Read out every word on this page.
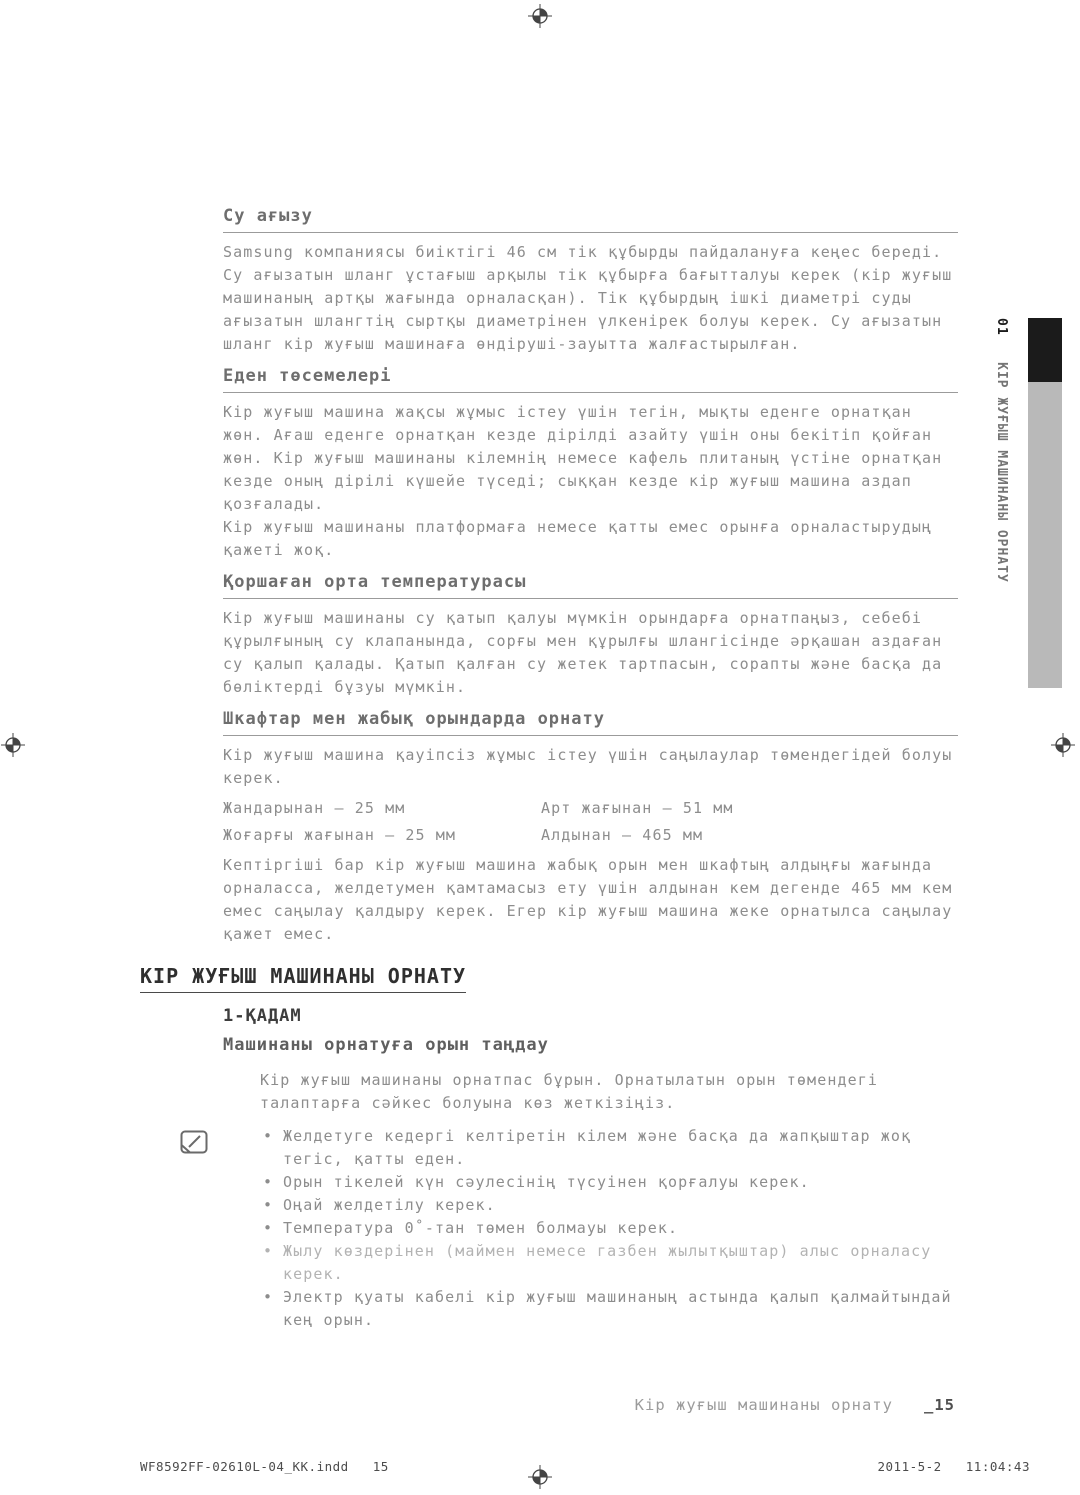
01   КІР ЖУҒЫШ МАШИНАНЫ ОРНАТУ
Су ағызу

Samsung компаниясы биіктігі 46 см тік құбырды пайдалануға кеңес береді. Су ағызатын шланг ұстағыш арқылы тік құбырға бағытталуы керек (кір жуғыш машинаның артқы жағында орналасқан). Тік құбырдың ішкі диаметрі суды ағызатын шлангтің сыртқы диаметрінен үлкенірек болуы керек. Су ағызатын шланг кір жуғыш машинаға өндіруші-зауытта жалғастырылған.

Еден төсемелері

Кір жуғыш машина жақсы жұмыс істеу үшін тегін, мықты еденге орнатқан жөн. Ағаш еденге орнатқан кезде дірілді азайту үшін оны бекітіп қойған жөн. Кір жуғыш машинаны кілемнің немесе кафель плитаның үстіне орнатқан кезде оның дірілі күшейе түседі; сыққан кезде кір жуғыш машина аздап қозғалады.

Кір жуғыш машинаны платформаға немесе қатты емес орынға орналастырудың қажеті жоқ.

Қоршаған орта температурасы

Кір жуғыш машинаны су қатып қалуы мүмкін орындарға орнатпаңыз, себебі құрылғының су клапанында, сорғы мен құрылғы шлангісінде әрқашан аздаған су қалып қалады. Қатып қалған су жетек тартпасын, сорапты және басқа да бөліктерді бұзуы мүмкін.

Шкафтар мен жабық орындарда орнату

Кір жуғыш машина қауіпсіз жұмыс істеу үшін саңылаулар төмендегідей болуы керек.

Жандарынан – 25 мм	Арт жағынан – 51 мм
Жоғарғы жағынан – 25 мм	Алдынан – 465 мм

Кептіргіші бар кір жуғыш машина жабық орын мен шкафтың алдыңғы жағында орналасса, желдетумен қамтамасыз ету үшін алдынан кем дегенде 465 мм кем емес саңылау қалдыру керек. Егер кір жуғыш машина жеке орнатылса саңылау қажет емес.

КІР ЖУҒЫШ МАШИНАНЫ ОРНАТУ
1-ҚАДАМ
Машинаны орнатуға орын таңдау

Кір жуғыш машинаны орнатпас бұрын. Орнатылатын орын төмендегі талаптарға сәйкес болуына көз жеткізіңіз.

•
Желдетуге кедергі келтіретін кілем және басқа да жапқыштар жоқ тегіс, қатты еден.
•
Орын тікелей күн сәулесінің түсуінен қорғалуы керек.
•
Оңай желдетілу керек.
•
Температура 0˚-тан төмен болмауы керек.
•
Жылу көздерінен (маймен немесе газбен жылытқыштар) алыс орналасу керек.
•
Электр қуаты кабелі кір жуғыш машинаның астында қалып қалмайтындай кең орын.
Кір жуғыш машинаны орнату _15
WF8592FF-02610L-04_KK.indd   15	2011-5-2   11:04:43
